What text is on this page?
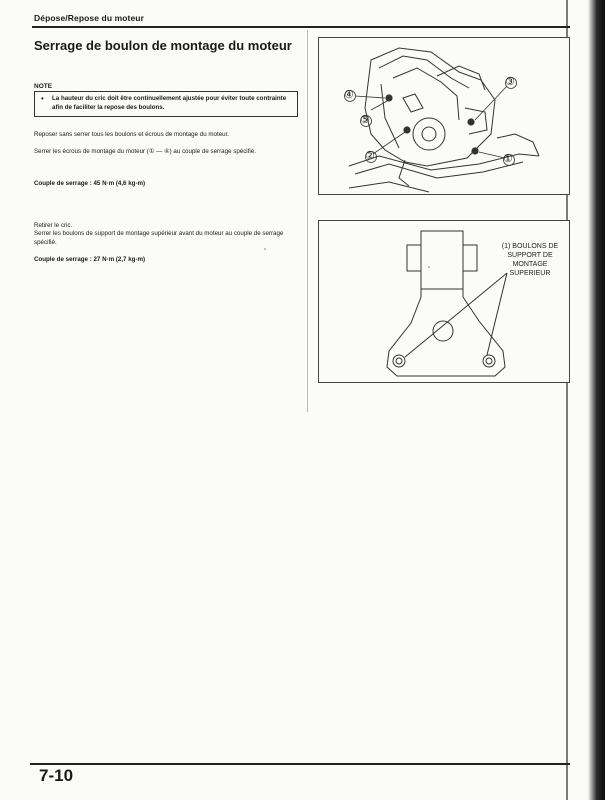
Dépose/Repose du moteur
Serrage de boulon de montage du moteur
NOTE
• La hauteur du cric doit être continuellement ajustée pour éviter toute contrainte afin de faciliter la repose des boulons.
Reposer sans serrer tous les boulons et écrous de montage du moteur.
Serrer les écrous de montage du moteur (① — ④) au couple de serrage spécifié.
Couple de serrage : 45 N·m (4,6 kg-m)
Retirer le cric.
Serrer les boulons de support de montage supérieur avant du moteur au couple de serrage spécifié.
Couple de serrage : 27 N·m (2,7 kg-m)
④
⑤
②
③
①
(1) BOULONS DE SUPPORT DE MONTAGE SUPERIEUR
7-10
